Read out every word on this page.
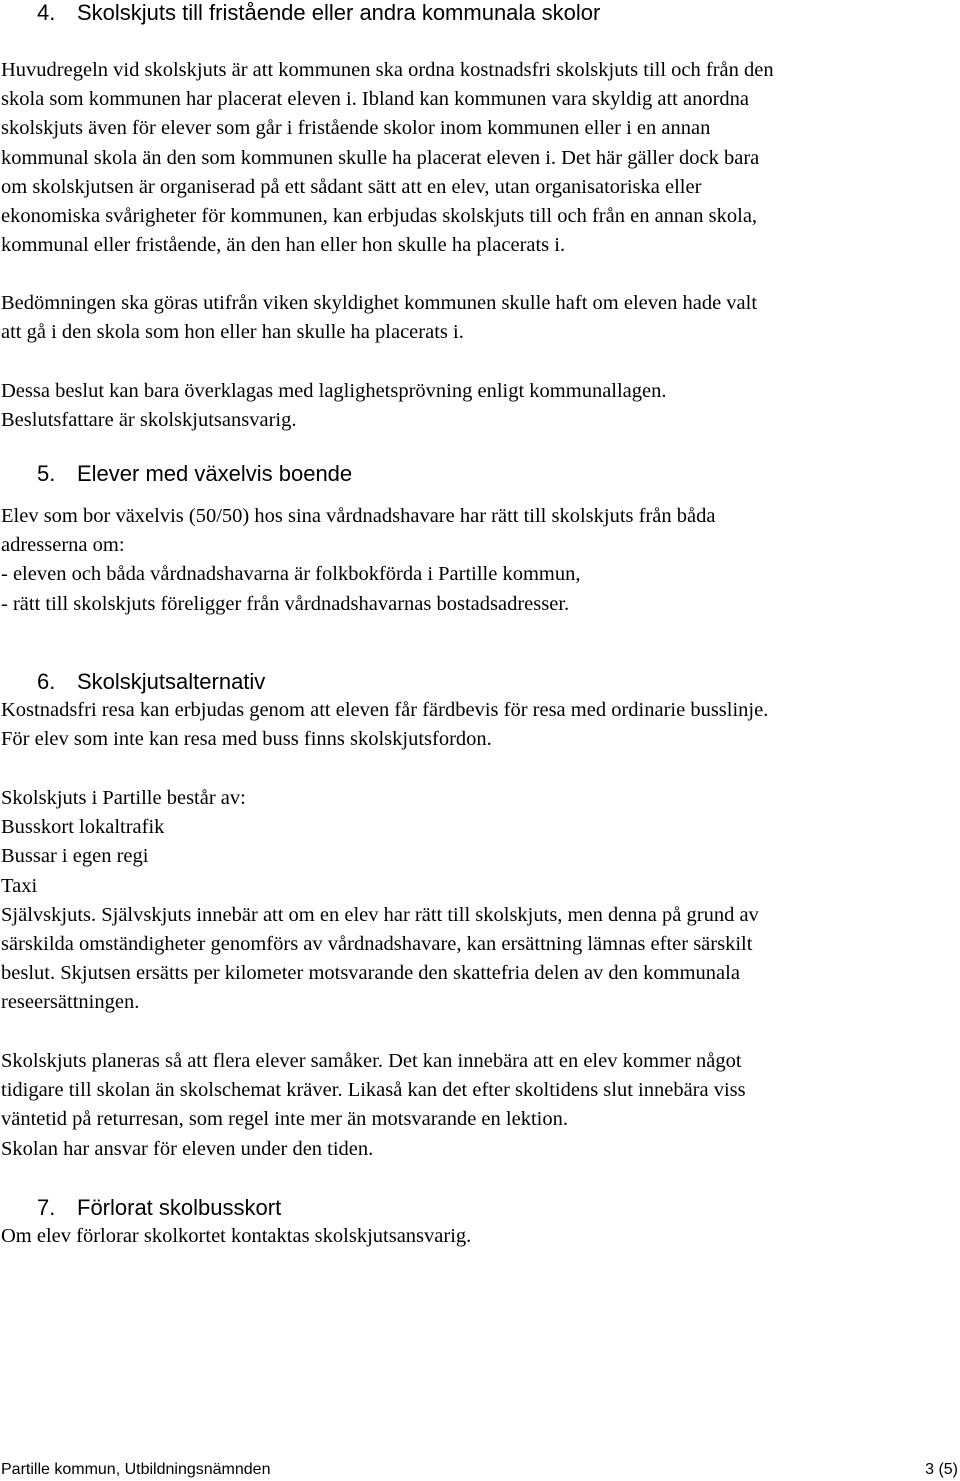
4. Skolskjuts till fristående eller andra kommunala skolor
Huvudregeln vid skolskjuts är att kommunen ska ordna kostnadsfri skolskjuts till och från den
skola som kommunen har placerat eleven i. Ibland kan kommunen vara skyldig att anordna
skolskjuts även för elever som går i fristående skolor inom kommunen eller i en annan
kommunal skola än den som kommunen skulle ha placerat eleven i. Det här gäller dock bara
om skolskjutsen är organiserad på ett sådant sätt att en elev, utan organisatoriska eller
ekonomiska svårigheter för kommunen, kan erbjudas skolskjuts till och från en annan skola,
kommunal eller fristående, än den han eller hon skulle ha placerats i.
Bedömningen ska göras utifrån viken skyldighet kommunen skulle haft om eleven hade valt
att gå i den skola som hon eller han skulle ha placerats i.
Dessa beslut kan bara överklagas med laglighetsprövning enligt kommunallagen.
Beslutsfattare är skolskjutsansvarig.
5. Elever med växelvis boende
Elev som bor växelvis (50/50) hos sina vårdnadshavare har rätt till skolskjuts från båda
adresserna om:
- eleven och båda vårdnadshavarna är folkbokförda i Partille kommun,
- rätt till skolskjuts föreligger från vårdnadshavarnas bostadsadresser.
6. Skolskjutsalternativ
Kostnadsfri resa kan erbjudas genom att eleven får färdbevis för resa med ordinarie busslinje.
För elev som inte kan resa med buss finns skolskjutsfordon.
Skolskjuts i Partille består av:
Busskort lokaltrafik
Bussar i egen regi
Taxi
Självskjuts. Självskjuts innebär att om en elev har rätt till skolskjuts, men denna på grund av
särskilda omständigheter genomförs av vårdnadshavare, kan ersättning lämnas efter särskilt
beslut. Skjutsen ersätts per kilometer motsvarande den skattefria delen av den kommunala
reseersättningen.
Skolskjuts planeras så att flera elever samåker. Det kan innebära att en elev kommer något
tidigare till skolan än skolschemat kräver. Likaså kan det efter skoltidens slut innebära viss
väntetid på returresan, som regel inte mer än motsvarande en lektion.
Skolan har ansvar för eleven under den tiden.
7. Förlorat skolbusskort
Om elev förlorar skolkortet kontaktas skolskjutsansvarig.
Partille kommun, Utbildningsnämnden	3 (5)
